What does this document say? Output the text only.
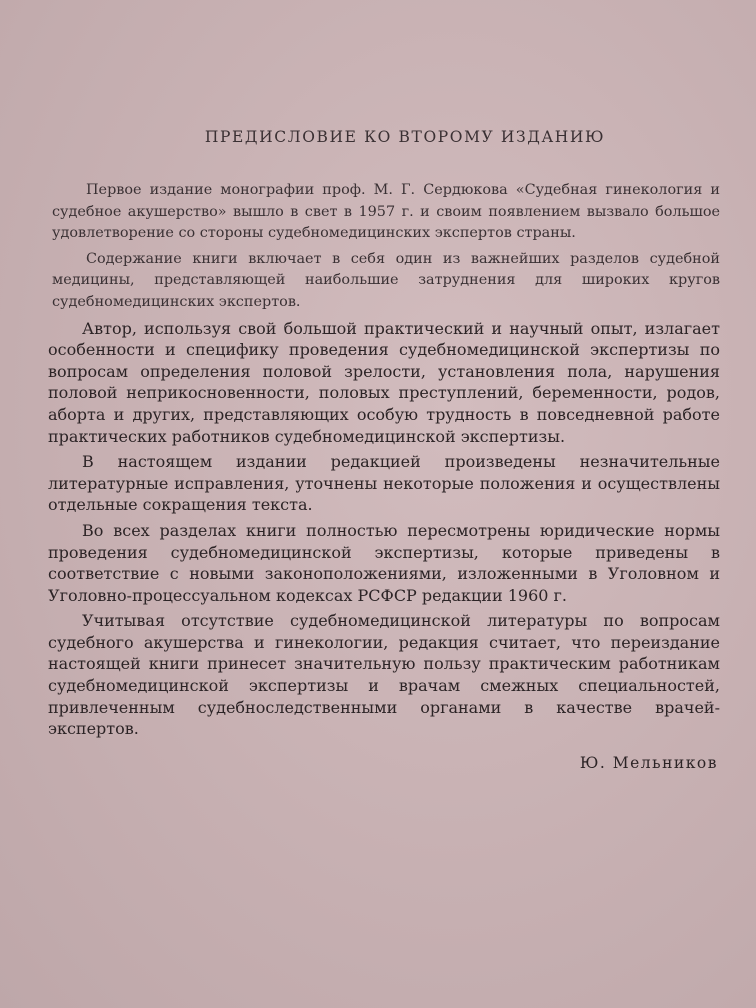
ПРЕДИСЛОВИЕ КО ВТОРОМУ ИЗДАНИЮ

Первое издание монографии проф. М. Г. Сердюкова «Судебная гинекология и судебное акушерство» вышло в свет в 1957 г. и своим появлением вызвало большое удовлетворение со стороны судебномедицинских экспертов страны.

Содержание книги включает в себя один из важнейших разделов судебной медицины, представляющей наибольшие затруднения для широких кругов судебномедицинских экспертов.

Автор, используя свой большой практический и научный опыт, излагает особенности и специфику проведения судебномедицинской экспертизы по вопросам определения половой зрелости, установления пола, нарушения половой неприкосновенности, половых преступлений, беременности, родов, аборта и других, представляющих особую трудность в повседневной работе практических работников судебномедицинской экспертизы.

В настоящем издании редакцией произведены незначительные литературные исправления, уточнены некоторые положения и осуществлены отдельные сокращения текста.

Во всех разделах книги полностью пересмотрены юридические нормы проведения судебномедицинской экспертизы, которые приведены в соответствие с новыми законоположениями, изложенными в Уголовном и Уголовно-процессуальном кодексах РСФСР редакции 1960 г.

Учитывая отсутствие судебномедицинской литературы по вопросам судебного акушерства и гинекологии, редакция считает, что переиздание настоящей книги принесет значительную пользу практическим работникам судебномедицинской экспертизы и врачам смежных специальностей, привлеченным судебноследственными органами в качестве врачей-экспертов.

Ю. Мельников
